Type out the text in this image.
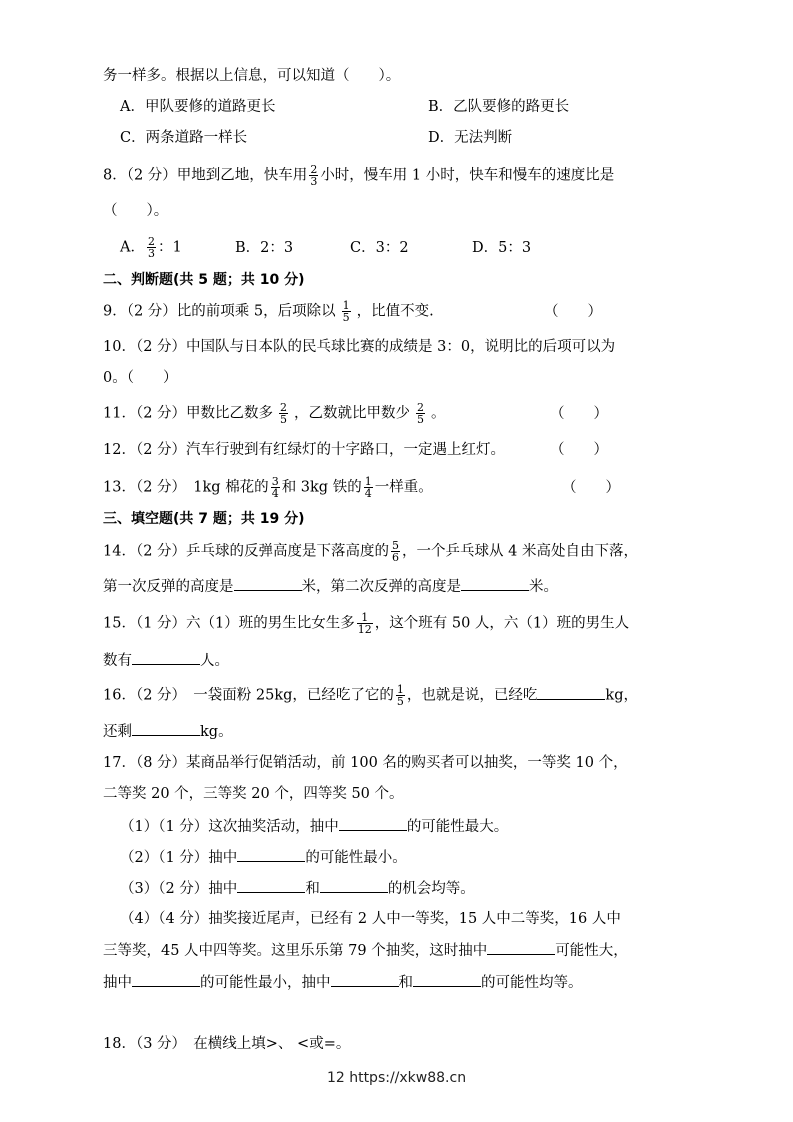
务一样多。根据以上信息，可以知道（　　）。
A．甲队要修的道路更长	B．乙队要修的路更长
C．两条道路一样长	D．无法判断
8．（2 分）甲地到乙地，快车用 $\frac{2}{3}$ 小时，慢车用 1 小时，快车和慢车的速度比是
（　　）。
A． $\frac{2}{3}$ ：1	B．2：3	C．3：2	D．5：3
二、判断题(共 5 题；共 10 分)
9．（2 分）比的前项乘 5，后项除以 $\frac{1}{5}$ ，比值不变.	（　　）
10．（2 分）中国队与日本队的民乓球比赛的成绩是 3：0，说明比的后项可以为
0。（　　）
11．（2 分）甲数比乙数多 $\frac{2}{5}$ ，乙数就比甲数少 $\frac{2}{5}$ 。	（　　）
12．（2 分）汽车行驶到有红绿灯的十字路口，一定遇上红灯。	（　　）
13．（2 分）　1kg 棉花的 $\frac{3}{4}$ 和 3kg 铁的 $\frac{1}{4}$ 一样重。	（　　）
三、填空题(共 7 题；共 19 分)
14．（2 分）乒乓球的反弹高度是下落高度的 $\frac{5}{6}$ ，一个乒乓球从 4 米高处自由下落，
第一次反弹的高度是	米，第二次反弹的高度是	米。
15．（1 分）六（1）班的男生比女生多 $\frac{1}{12}$ ，这个班有 50 人，六（1）班的男生人
数有	人。
16．（2 分）　一袋面粉 25kg，已经吃了它的 $\frac{1}{5}$ ，也就是说，已经吃	kg，
还剩	kg。
17．（8 分）某商品举行促销活动，前 100 名的购买者可以抽奖，一等奖 10 个，
二等奖 20 个，三等奖 20 个，四等奖 50 个。
（1）（1 分）这次抽奖活动，抽中	的可能性最大。
（2）（1 分）抽中	的可能性最小。
（3）（2 分）抽中	和	的机会均等。
（4）（4 分）抽奖接近尾声，已经有 2 人中一等奖，15 人中二等奖，16 人中
三等奖，45 人中四等奖。这里乐乐第 79 个抽奖，这时抽中	可能性大，
抽中	的可能性最小，抽中	和	的可能性均等。
18．（3 分）　在横线上填>、 <或=。
12 https://xkw88.cn
